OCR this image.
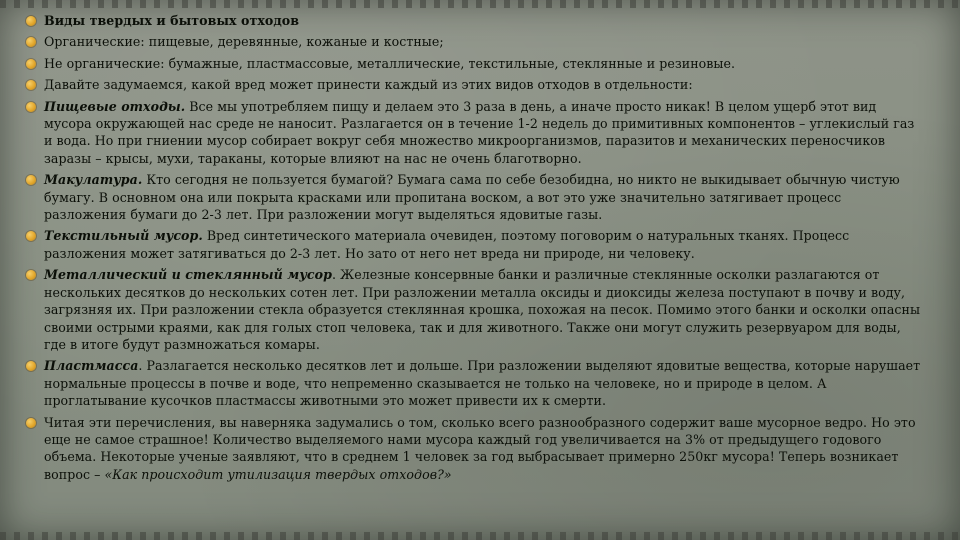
Виды твердых и бытовых отходов
Органические: пищевые, деревянные, кожаные и костные;
Не органические: бумажные, пластмассовые, металлические, текстильные, стеклянные и резиновые.
Давайте задумаемся, какой вред может принести каждый из этих видов отходов в отдельности:
Пищевые отходы. Все мы употребляем пищу и делаем это 3 раза в день, а иначе просто никак! В целом ущерб этот вид мусора окружающей нас среде не наносит. Разлагается он в течение 1-2 недель до примитивных компонентов – углекислый газ и вода. Но при гниении мусор собирает вокруг себя множество микроорганизмов, паразитов и механических переносчиков заразы – крысы, мухи, тараканы, которые влияют на нас не очень благотворно.
Макулатура. Кто сегодня не пользуется бумагой? Бумага сама по себе безобидна, но никто не выкидывает обычную чистую бумагу. В основном она или покрыта красками или пропитана воском, а вот это уже значительно затягивает процесс разложения бумаги до 2-3 лет. При разложении могут выделяться ядовитые газы.
Текстильный мусор. Вред синтетического материала очевиден, поэтому поговорим о натуральных тканях. Процесс разложения может затягиваться до 2-3 лет. Но зато от него нет вреда ни природе, ни человеку.
Металлический и стеклянный мусор. Железные консервные банки и различные стеклянные осколки разлагаются от нескольких десятков до нескольких сотен лет. При разложении металла оксиды и диоксиды железа поступают в почву и воду, загрязняя их. При разложении стекла образуется стеклянная крошка, похожая на песок. Помимо этого банки и осколки опасны своими острыми краями, как для голых стоп человека, так и для животного. Также они могут служить резервуаром для воды, где в итоге будут размножаться комары.
Пластмасса. Разлагается несколько десятков лет и дольше. При разложении выделяют ядовитые вещества, которые нарушает нормальные процессы в почве и воде, что непременно сказывается не только на человеке, но и природе в целом. А проглатывание кусочков пластмассы животными это может привести их к смерти.
Читая эти перечисления, вы наверняка задумались о том, сколько всего разнообразного содержит ваше мусорное ведро. Но это еще не самое страшное! Количество выделяемого нами мусора каждый год увеличивается на 3% от предыдущего годового объема. Некоторые ученые заявляют, что в среднем 1 человек за год выбрасывает примерно 250кг мусора! Теперь возникает вопрос – «Как происходит утилизация твердых отходов?»
